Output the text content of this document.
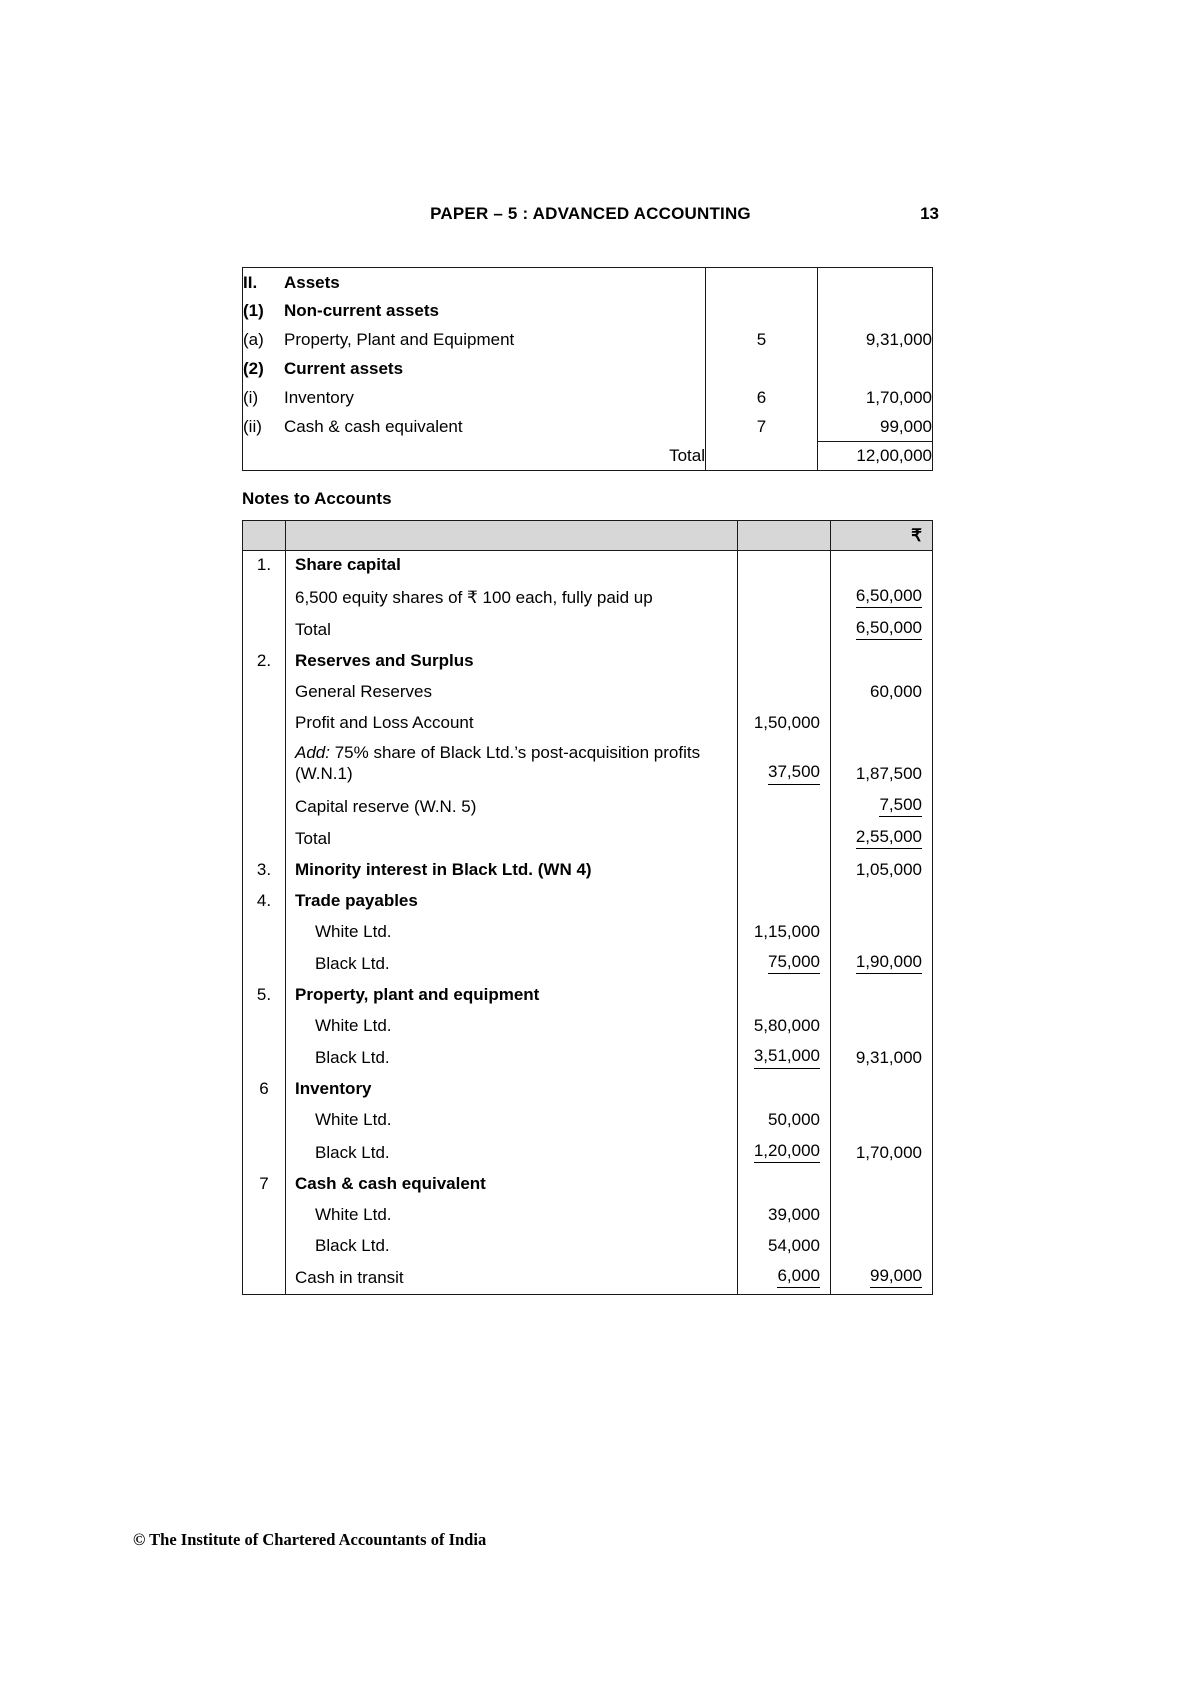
PAPER – 5 : ADVANCED ACCOUNTING	13
II. Assets		
(1) Non-current assets		
(a) Property, Plant and Equipment	5	9,31,000
(2) Current assets		
(i) Inventory	6	1,70,000
(ii) Cash & cash equivalent	7	99,000
Total		12,00,000
Notes to Accounts
			₹
1.	Share capital		
	6,500 equity shares of ₹ 100 each, fully paid up		6,50,000
	Total		6,50,000
2.	Reserves and Surplus		
	General Reserves		60,000
	Profit and Loss Account	1,50,000	
	Add: 75% share of Black Ltd.’s post-acquisition profits (W.N.1)	37,500	1,87,500
	Capital reserve (W.N. 5)		7,500
	Total		2,55,000
3.	Minority interest in Black Ltd. (WN 4)		1,05,000
4.	Trade payables		
	White Ltd.	1,15,000	
	Black Ltd.	75,000	1,90,000
5.	Property, plant and equipment		
	White Ltd.	5,80,000	
	Black Ltd.	3,51,000	9,31,000
6	Inventory		
	White Ltd.	50,000	
	Black Ltd.	1,20,000	1,70,000
7	Cash & cash equivalent		
	White Ltd.	39,000	
	Black Ltd.	54,000	
	Cash in transit	6,000	99,000
© The Institute of Chartered Accountants of India
